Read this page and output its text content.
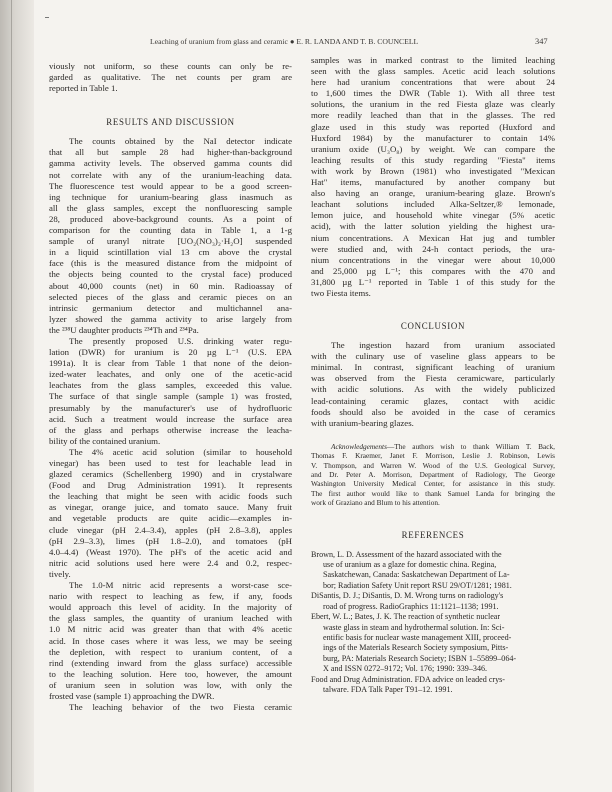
Leaching of uranium from glass and ceramic ● E. R. LANDA AND T. B. COUNCELL	347
viously not uniform, so these counts can only be re-
garded as qualitative. The net counts per gram are
reported in Table 1.
RESULTS AND DISCUSSION
The counts obtained by the NaI detector indicate
that all but sample 28 had higher-than-background
gamma activity levels. The observed gamma counts did
not correlate with any of the uranium-leaching data.
The fluorescence test would appear to be a good screen-
ing technique for uranium-bearing glass inasmuch as
all the glass samples, except the nonfluorescing sample
28, produced above-background counts. As a point of
comparison for the counting data in Table 1, a 1-g
sample of uranyl nitrate [UO₂(NO₃)₂·H₂O] suspended
in a liquid scintillation vial 13 cm above the crystal
face (this is the measured distance from the midpoint of
the objects being counted to the crystal face) produced
about 40,000 counts (net) in 60 min. Radioassay of
selected pieces of the glass and ceramic pieces on an
intrinsic germanium detector and multichannel ana-
lyzer showed the gamma activity to arise largely from
the ²³⁸U daughter products ²³⁴Th and ²³⁴Pa.
The presently proposed U.S. drinking water regu-
lation (DWR) for uranium is 20 µg L⁻¹ (U.S. EPA
1991a). It is clear from Table 1 that none of the deion-
ized-water leachates, and only one of the acetic-acid
leachates from the glass samples, exceeded this value.
The surface of that single sample (sample 1) was frosted,
presumably by the manufacturer's use of hydrofluoric
acid. Such a treatment would increase the surface area
of the glass and perhaps otherwise increase the leacha-
bility of the contained uranium.
The 4% acetic acid solution (similar to household
vinegar) has been used to test for leachable lead in
glazed ceramics (Schellenberg 1990) and in crystalware
(Food and Drug Administration 1991). It represents
the leaching that might be seen with acidic foods such
as vinegar, orange juice, and tomato sauce. Many fruit
and vegetable products are quite acidic—examples in-
clude vinegar (pH 2.4–3.4), apples (pH 2.8–3.8), apples
(pH 2.9–3.3), limes (pH 1.8–2.0), and tomatoes (pH
4.0–4.4) (Weast 1970). The pH's of the acetic acid and
nitric acid solutions used here were 2.4 and 0.2, respec-
tively.
The 1.0-M nitric acid represents a worst-case sce-
nario with respect to leaching as few, if any, foods
would approach this level of acidity. In the majority of
the glass samples, the quantity of uranium leached with
1.0 M nitric acid was greater than that with 4% acetic
acid. In those cases where it was less, we may be seeing
the depletion, with respect to uranium content, of a
rind (extending inward from the glass surface) accessible
to the leaching solution. Here too, however, the amount
of uranium seen in solution was low, with only the
frosted vase (sample 1) approaching the DWR.
The leaching behavior of the two Fiesta ceramic
samples was in marked contrast to the limited leaching
seen with the glass samples. Acetic acid leach solutions
here had uranium concentrations that were about 24
to 1,600 times the DWR (Table 1). With all three test
solutions, the uranium in the red Fiesta glaze was clearly
more readily leached than that in the glasses. The red
glaze used in this study was reported (Huxford and
Huxford 1984) by the manufacturer to contain 14%
uranium oxide (U₃O₈) by weight. We can compare the
leaching results of this study regarding "Fiesta" items
with work by Brown (1981) who investigated "Mexican
Hat" items, manufactured by another company but
also having an orange, uranium-bearing glaze. Brown's
leachant solutions included Alka-Seltzer,® lemonade,
lemon juice, and household white vinegar (5% acetic
acid), with the latter solution yielding the highest ura-
nium concentrations. A Mexican Hat jug and tumbler
were studied and, with 24-h contact periods, the ura-
nium concentrations in the vinegar were about 10,000
and 25,000 µg L⁻¹; this compares with the 470 and
31,800 µg L⁻¹ reported in Table 1 of this study for the
two Fiesta items.
CONCLUSION
The ingestion hazard from uranium associated
with the culinary use of vaseline glass appears to be
minimal. In contrast, significant leaching of uranium
was observed from the Fiesta ceramicware, particularly
with acidic solutions. As with the widely publicized
lead-containing ceramic glazes, contact with acidic
foods should also be avoided in the case of ceramics
with uranium-bearing glazes.
Acknowledgements—The authors wish to thank William T. Back,
Thomas F. Kraemer, Janet F. Morrison, Leslie J. Robinson, Lewis
V. Thompson, and Warren W. Wood of the U.S. Geological Survey,
and Dr. Peter A. Morrison, Department of Radiology, The George
Washington University Medical Center, for assistance in this study.
The first author would like to thank Samuel Landa for bringing the
work of Graziano and Blum to his attention.
REFERENCES
Brown, L. D. Assessment of the hazard associated with the
use of uranium as a glaze for domestic china. Regina,
Saskatchewan, Canada: Saskatchewan Department of La-
bor; Radiation Safety Unit report RSU 29/OT/1281; 1981.
DiSantis, D. J.; DiSantis, D. M. Wrong turns on radiology's
road of progress. RadioGraphics 11:1121–1138; 1991.
Ebert, W. L.; Bates, J. K. The reaction of synthetic nuclear
waste glass in steam and hydrothermal solution. In: Sci-
entific basis for nuclear waste management XIII, proceed-
ings of the Materials Research Society symposium, Pitts-
burg, PA: Materials Research Society; ISBN 1–55899–064-
X and ISSN 0272–9172; Vol. 176; 1990: 339–346.
Food and Drug Administration. FDA advice on leaded crys-
talware. FDA Talk Paper T91–12. 1991.
